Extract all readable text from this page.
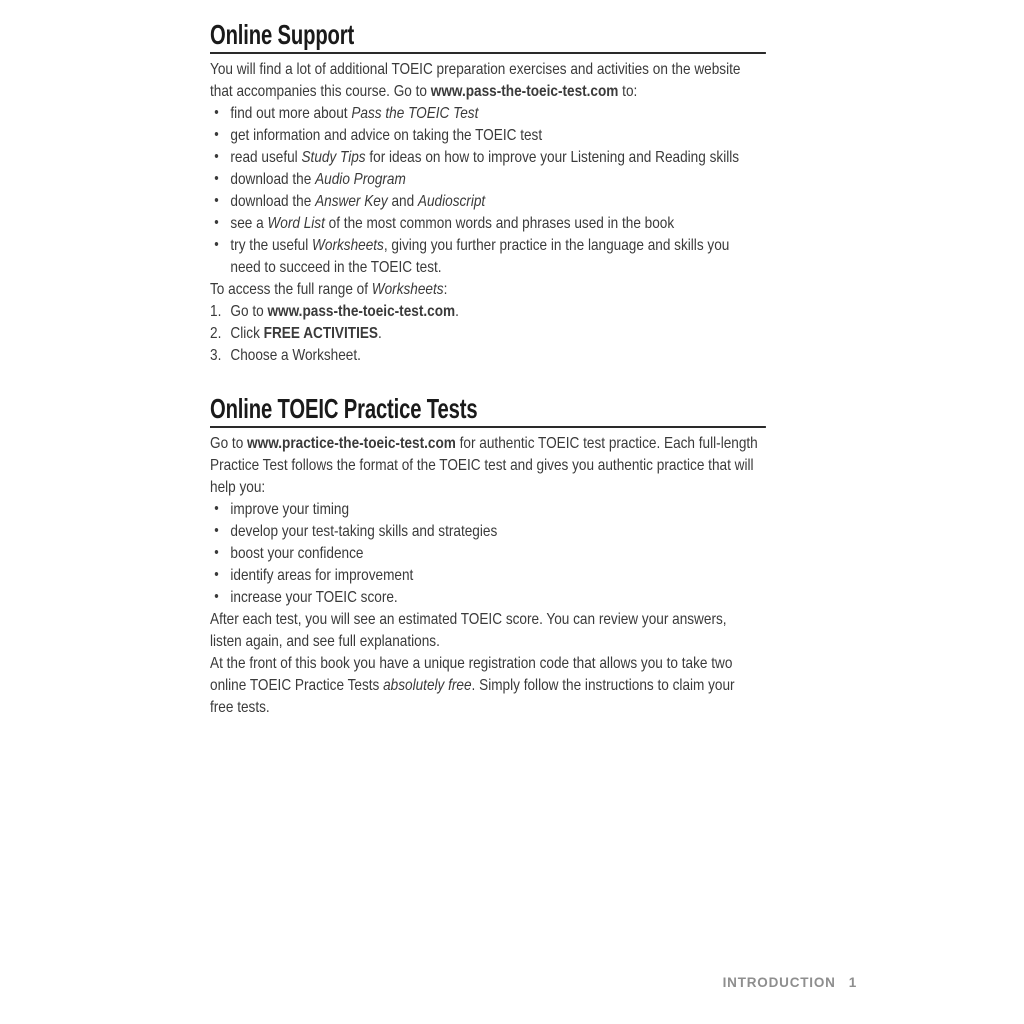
Online Support

You will find a lot of additional TOEIC preparation exercises and activities on the website
that accompanies this course. Go to www.pass-the-toeic-test.com to:

• find out more about Pass the TOEIC Test
• get information and advice on taking the TOEIC test
• read useful Study Tips for ideas on how to improve your Listening and Reading skills
• download the Audio Program
• download the Answer Key and Audioscript
• see a Word List of the most common words and phrases used in the book
• try the useful Worksheets, giving you further practice in the language and skills you
need to succeed in the TOEIC test.

To access the full range of Worksheets:

1. Go to www.pass-the-toeic-test.com.
2. Click FREE ACTIVITIES.
3. Choose a Worksheet.
Online TOEIC Practice Tests

Go to www.practice-the-toeic-test.com for authentic TOEIC test practice. Each full-length
Practice Test follows the format of the TOEIC test and gives you authentic practice that will
help you:

• improve your timing
• develop your test-taking skills and strategies
• boost your confidence
• identify areas for improvement
• increase your TOEIC score.

After each test, you will see an estimated TOEIC score. You can review your answers,
listen again, and see full explanations.

At the front of this book you have a unique registration code that allows you to take two
online TOEIC Practice Tests absolutely free. Simply follow the instructions to claim your
free tests.

INTRODUCTION 1
